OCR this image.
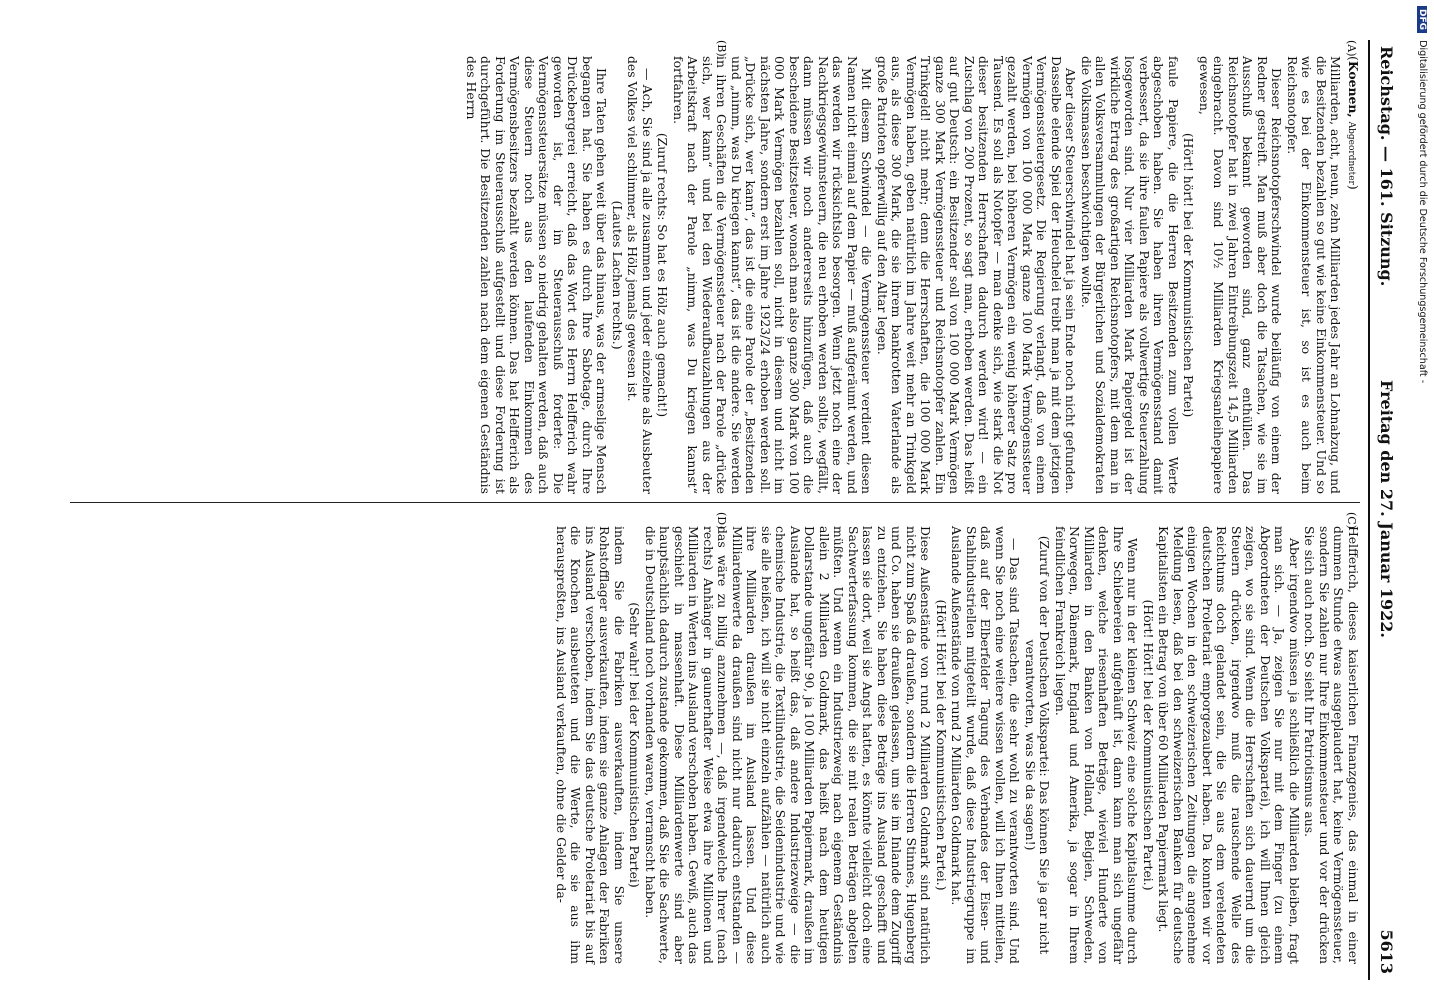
Reichstag. — 161. Sitzung.
Freitag den 27. Januar 1922.
5613
(A)
(B)
(C)
(D)

(Koenen, Abgeordneter)

Milliarden, acht, neun, zehn Milliarden jedes Jahr an Lohnabzug, und die Besitzenden bezahlen so gut wie keine Einkommensteuer. Und so wie es bei der Einkommensteuer ist, so ist es auch beim Reichsnotopfer.

Dieser Reichsnotopferschwindel wurde beiläufig von einem der Redner gestreift. Man muß aber doch die Tatsachen, wie sie im Ausschuß bekannt geworden sind, ganz enthüllen. Das Reichsnotopfer hat in zwei Jahren Eintreibungszeit 14,5 Milliarden eingebracht. Davon sind 10½ Milliarden Kriegsanleihepapiere gewesen,

(Hört! hört! bei der Kommunistischen Partei)

faule Papiere, die die Herren Besitzenden zum vollen Werte abgeschoben haben. Sie haben ihren Vermögensstand damit verbessert, da sie ihre faulen Papiere als vollwertige Steuerzahlung losgeworden sind. Nur vier Milliarden Mark Papiergeld ist der wirkliche Ertrag des großartigen Reichsnotopfers, mit dem man in allen Volksversammlungen der Bürgerlichen und Sozialdemokraten die Volksmassen beschwichtigen wollte.

Aber dieser Steuerschwindel hat ja sein Ende noch nicht gefunden. Dasselbe elende Spiel der Heuchelei treibt man ja mit dem jetzigen Vermögenssteuergesetz. Die Regierung verlangt, daß von einem Vermögen von 100 000 Mark ganze 100 Mark Vermögenssteuer gezahlt werden, bei höheren Vermögen ein wenig höherer Satz pro Tausend. Es soll als Notopfer — man denke sich, wie stark die Not dieser besitzenden Herrschaften dadurch werden wird! — ein Zuschlag von 200 Prozent, so sagt man, erhoben werden. Das heißt auf gut Deutsch: ein Besitzender soll von 100 000 Mark Vermögen ganze 300 Mark Vermögenssteuer und Reichsnotopfer zahlen. Ein Trinkgeld! nicht mehr; denn die Herrschaften, die 100 000 Mark Vermögen haben, geben natürlich im Jahre weit mehr an Trinkgeld aus, als diese 300 Mark, die sie ihrem bankrotten Vaterlande als große Patrioten opferwillig auf den Altar legen.

Mit diesem Schwindel — die Vermögenssteuer verdient diesen Namen nicht einmal auf dem Papier — muß aufgeräumt werden, und das werden wir rücksichtslos besorgen. Wenn jetzt noch eine der Nachkriegsgewinnsteuern, die neu erhoben werden sollte, wegfällt, dann müssen wir noch andererseits hinzufügen, daß auch die bescheidene Besitzsteuer, wonach man also ganze 300 Mark von 100 000 Mark Vermögen bezahlen soll, nicht in diesem und nicht im nächsten Jahre, sondern erst im Jahre 1923/24 erhoben werden soll. „Drücke sich, wer kann“, das ist die eine Parole der „Besitzenden und „nimm, was Du kriegen kannst“, das ist die andere. Sie werden in ihren Geschäften die Vermögenssteuer nach der Parole „drücke sich, wer kann“ und bei den Wiederaufbauzahlungen aus der Arbeitskraft nach der Parole „nimm, was Du kriegen kannst“ fortfahren.

(Zuruf rechts: So hat es Hölz auch gemacht!)

— Ach, Sie sind ja alle zusammen und jeder einzelne als Ausbeuter des Volkes viel schlimmer, als Hölz jemals gewesen ist.

(Lautes Lachen rechts.)

Ihre Taten gehen weit über das hinaus, was der armselige Mensch begangen hat. Sie haben es durch Ihre Sabotage, durch Ihre Drückebergerei erreicht, daß das Wort des Herrn Helfferich wahr geworden ist, der im Steuerausschuß forderte: Die Vermögenssteuersätze müssen so niedrig gehalten werden, daß auch diese Steuern noch aus den laufenden Einkommen des Vermögensbesitzers bezahlt werden können. Das hat Helfferich als Forderung im Steuerausschuß aufgestellt und diese Forderung ist durchgeführt. Die Besitzenden zahlen nach dem eigenen Geständnis des Herrn

Helfferich, dieses kaiserlichen Finanzgenies, das einmal in einer dummen Stunde etwas ausgeplaudert hat, keine Vermögenssteuer, sondern Sie zahlen nur Ihre Einkommensteuer und vor der drücken Sie sich auch noch. So sieht Ihr Patriotismus aus.

Aber irgendwo müssen ja schließlich die Milliarden bleiben, fragt man sich. — Ja, zeigen Sie nur mit dem Finger (zu einem Abgeordneten der Deutschen Volkspartei), ich will Ihnen gleich zeigen, wo sie sind. Wenn die Herrschaften sich dauernd um die Steuern drücken, irgendwo muß die rauschende Welle des Reichtums doch gelandet sein, die Sie aus dem verelendeten deutschen Proletariat emporgezaubert haben. Da konnten wir vor einigen Wochen in den schweizerischen Zeitungen die angenehme Meldung lesen, daß bei den schweizerischen Banken für deutsche Kapitalisten ein Betrag von über 60 Milliarden Papiermark liegt.

(Hört! Hört! bei der Kommunistischen Partei.)

Wenn nur in der kleinen Schweiz eine solche Kapitalsumme durch Ihre Schiebereien aufgehäuft ist, dann kann man sich ungefähr denken, welche riesenhaften Beträge, wieviel Hunderte von Milliarden in den Banken von Holland, Belgien, Schweden, Norwegen, Dänemark, England und Amerika, ja sogar in Ihrem feindlichen Frankreich liegen.

(Zuruf von der Deutschen Volkspartei: Das können Sie ja gar nicht verantworten, was Sie da sagen!)

— Das sind Tatsachen, die sehr wohl zu verantworten sind. Und wenn Sie noch eine weitere wissen wollen, will ich Ihnen mitteilen, daß auf der Elberfelder Tagung des Verbandes der Eisen- und Stahlindustriellen mitgeteilt wurde, daß diese Industriegruppe im Auslande Außenstände von rund 2 Milliarden Goldmark hat.

(Hört! Hört! bei der Kommunistischen Partei.)

Diese Außenstände von rund 2 Milliarden Goldmark sind natürlich nicht zum Spaß da draußen, sondern die Herren Stinnes, Hugenberg und Co. haben sie draußen gelassen, um sie im Inlande dem Zugriff zu entziehen. Sie haben diese Beträge ins Ausland geschafft und lassen sie dort, weil sie Angst hatten, es könnte vielleicht doch eine Sachwerterfassung kommen, die sie mit realen Beträgen abgelten müßten. Und wenn ein Industriezweig nach eigenem Geständnis allein 2 Milliarden Goldmark, das heißt nach dem heutigen Dollarstande ungefähr 90, ja 100 Milliarden Papiermark, draußen im Auslande hat, so heißt das, daß andere Industriezweige — die chemische Industrie, die Textilindustrie, die Seidenindustrie und wie sie alle heißen, ich will sie nicht einzeln aufzählen — natürlich auch ihre Milliarden draußen im Ausland lassen. Und diese Milliardenwerte da draußen sind nicht nur dadurch entstanden — das wäre zu billig anzunehmen —, daß irgendwelche Ihrer (nach rechts) Anhänger in gaunerhafter Weise etwa ihre Millionen und Milliarden in Werten ins Ausland verschoben haben. Gewiß, auch das geschieht in massenhaft. Diese Milliardenwerte sind aber hauptsächlich dadurch zustande gekommen, daß Sie die Sachwerte, die in Deutschland noch vorhanden waren, verramscht haben.

(Sehr wahr! bei der Kommunistischen Partei)

indem Sie die Fabriken ausverkauften, indem Sie unsere Rohstofflager ausverkauften, indem sie ganze Anlagen der Fabriken ins Ausland verschoben, indem Sie das deutsche Proletariat bis auf die Knochen ausbeuteten und die Werte, die sie aus ihm herauspreßten, ins Ausland verkauften, ohne die Gelder da-

DFG Digitalisierung gefördert durch die Deutsche Forschungsgemeinschaft -
